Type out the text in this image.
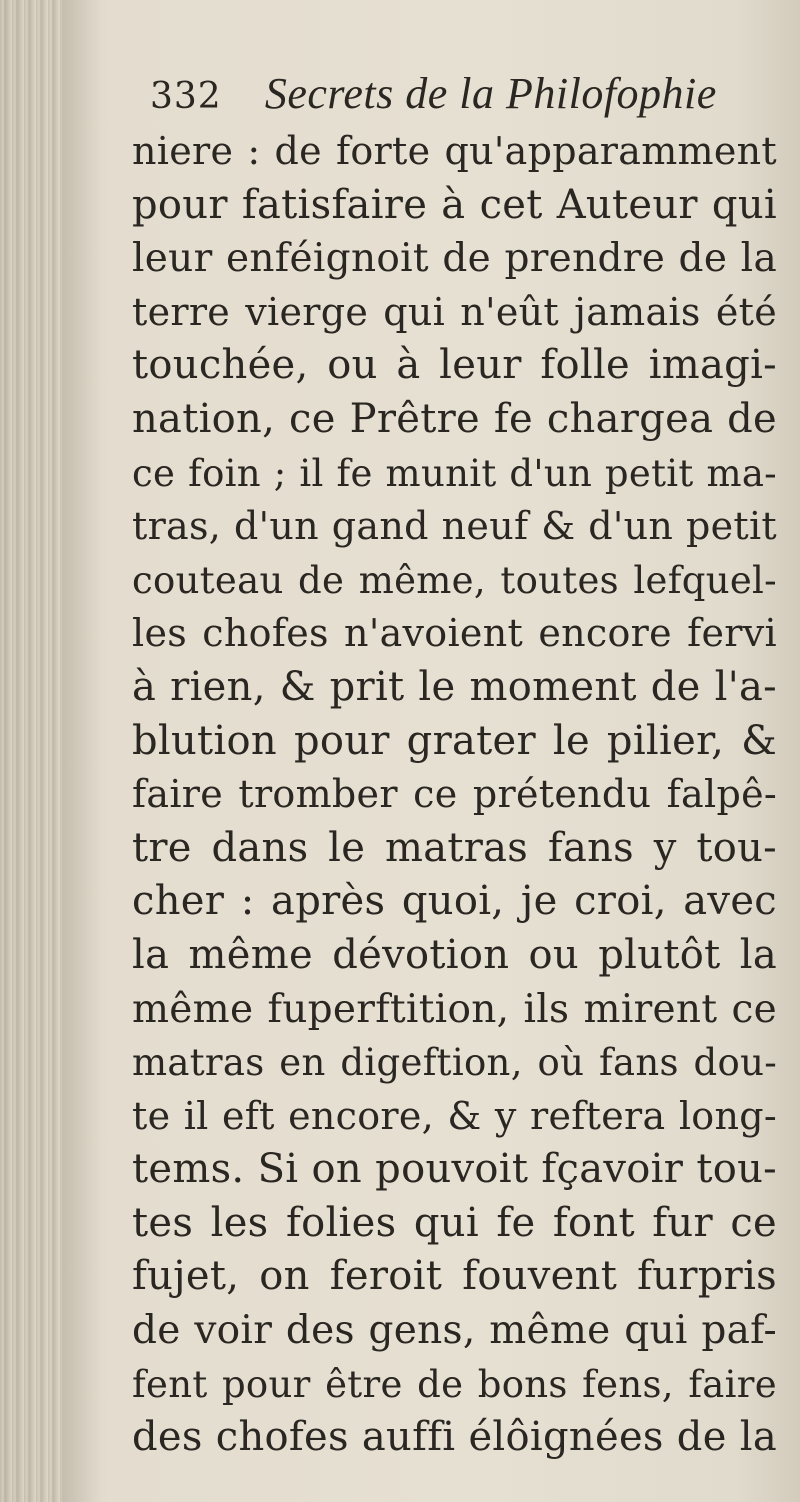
332 Secrets de la Philofophie
niere : de forte qu'apparamment
pour fatisfaire à cet Auteur qui
leur enféignoit de prendre de la
terre vierge qui n'eût jamais été
touchée, ou à leur folle imagi-
nation, ce Prêtre fe chargea de
ce foin ; il fe munit d'un petit ma-
tras, d'un gand neuf & d'un petit
couteau de même, toutes lefquel-
les chofes n'avoient encore fervi
à rien, & prit le moment de l'a-
blution pour grater le pilier, &
faire tromber ce prétendu falpê-
tre dans le matras fans y tou-
cher : après quoi, je croi, avec
la même dévotion ou plutôt la
même fuperftition, ils mirent ce
matras en digeftion, où fans dou-
te il eft encore, & y reftera long-
tems. Si on pouvoit fçavoir tou-
tes les folies qui fe font fur ce
fujet, on feroit fouvent furpris
de voir des gens, même qui paf-
fent pour être de bons fens, faire
des chofes auffi élôignées de la
